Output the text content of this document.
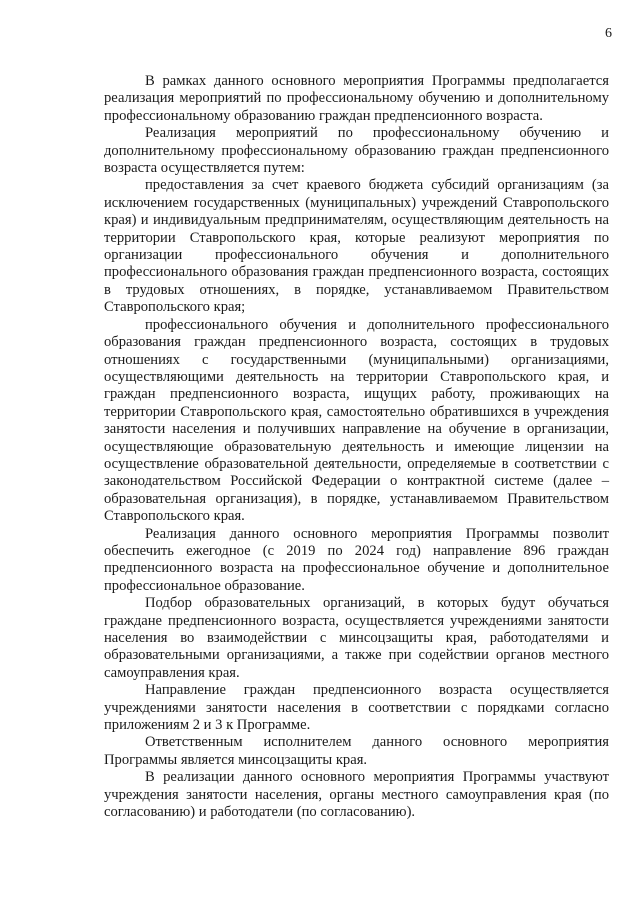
6

В рамках данного основного мероприятия Программы предполагается реализация мероприятий по профессиональному обучению и дополнительному профессиональному образованию граждан предпенсионного возраста.

Реализация мероприятий по профессиональному обучению и дополнительному профессиональному образованию граждан предпенсионного возраста осуществляется путем:

предоставления за счет краевого бюджета субсидий организациям (за исключением государственных (муниципальных) учреждений Ставропольского края) и индивидуальным предпринимателям, осуществляющим деятельность на территории Ставропольского края, которые реализуют мероприятия по организации профессионального обучения и дополнительного профессионального образования граждан предпенсионного возраста, состоящих в трудовых отношениях, в порядке, устанавливаемом Правительством Ставропольского края;

профессионального обучения и дополнительного профессионального образования граждан предпенсионного возраста, состоящих в трудовых отношениях с государственными (муниципальными) организациями, осуществляющими деятельность на территории Ставропольского края, и граждан предпенсионного возраста, ищущих работу, проживающих на территории Ставропольского края, самостоятельно обратившихся в учреждения занятости населения и получивших направление на обучение в организации, осуществляющие образовательную деятельность и имеющие лицензии на осуществление образовательной деятельности, определяемые в соответствии с законодательством Российской Федерации о контрактной системе (далее – образовательная организация), в порядке, устанавливаемом Правительством Ставропольского края.

Реализация данного основного мероприятия Программы позволит обеспечить ежегодное (с 2019 по 2024 год) направление 896 граждан предпенсионного возраста на профессиональное обучение и дополнительное профессиональное образование.

Подбор образовательных организаций, в которых будут обучаться граждане предпенсионного возраста, осуществляется учреждениями занятости населения во взаимодействии с минсоцзащиты края, работодателями и образовательными организациями, а также при содействии органов местного самоуправления края.

Направление граждан предпенсионного возраста осуществляется учреждениями занятости населения в соответствии с порядками согласно приложениям 2 и 3 к Программе.

Ответственным исполнителем данного основного мероприятия Программы является минсоцзащиты края.

В реализации данного основного мероприятия Программы участвуют учреждения занятости населения, органы местного самоуправления края (по согласованию) и работодатели (по согласованию).
